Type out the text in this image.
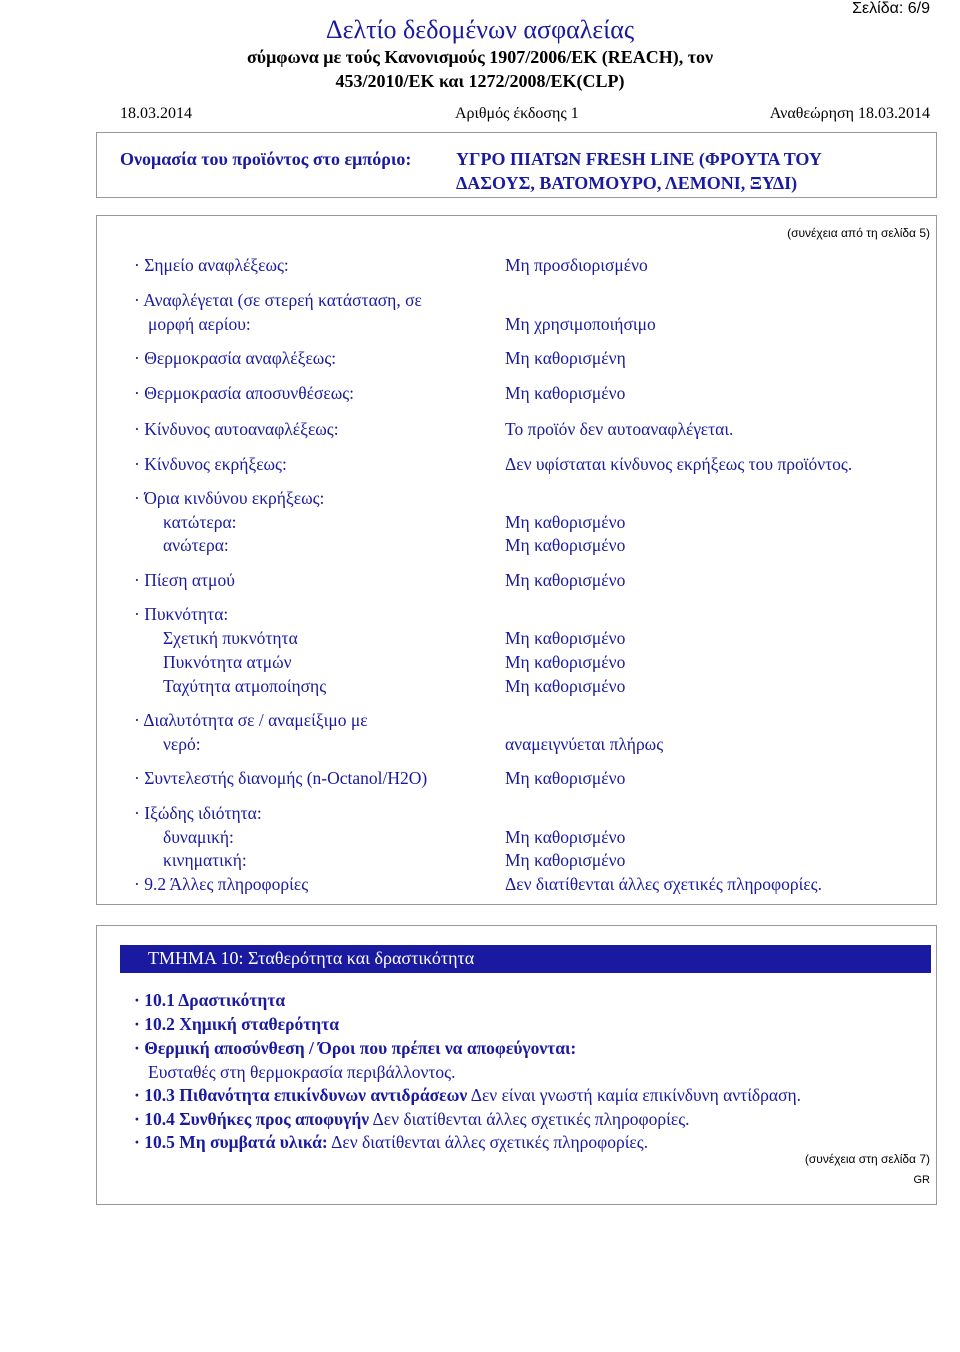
Σελίδα: 6/9
Δελτίο δεδομένων ασφαλείας
σύμφωνα με τούς Κανονισμούς 1907/2006/ΕΚ (REACH), τον
453/2010/ΕΚ και 1272/2008/ΕΚ(CLP)
18.03.2014	Αριθμός έκδοσης 1	Αναθεώρηση 18.03.2014
Ονομασία του προϊόντος στο εμπόριο: ΥΓΡΟ ΠΙΑΤΩΝ FRESH LINE (ΦΡΟΥΤΑ ΤΟΥ
ΔΑΣΟΥΣ, ΒΑΤΟΜΟΥΡΟ, ΛΕΜΟΝΙ, ΞΥΔΙ)
(συνέχεια από τη σελίδα 5)
· Σημείο αναφλέξεως:	Μη προσδιορισμένο
· Αναφλέγεται (σε στερεή κατάσταση, σε
μορφή αερίου:	Μη χρησιμοποιήσιμο
· Θερμοκρασία αναφλέξεως:	Μη καθορισμένη
· Θερμοκρασία αποσυνθέσεως:	Μη καθορισμένο
· Κίνδυνος αυτοαναφλέξεως:	Το προϊόν δεν αυτοαναφλέγεται.
· Κίνδυνος εκρήξεως:	Δεν υφίσταται κίνδυνος εκρήξεως του προϊόντος.
· Όρια κινδύνου εκρήξεως:
κατώτερα:	Μη καθορισμένο
ανώτερα:	Μη καθορισμένο
· Πίεση ατμού	Μη καθορισμένο
· Πυκνότητα:
Σχετική πυκνότητα	Μη καθορισμένο
Πυκνότητα ατμών	Μη καθορισμένο
Ταχύτητα ατμοποίησης	Μη καθορισμένο
· Διαλυτότητα σε / αναμείξιμο με
νερό:	αναμειγνύεται πλήρως
· Συντελεστής διανομής (n-Octanol/H2O)	Μη καθορισμένο
· Ιξώδης ιδιότητα:
δυναμική:	Μη καθορισμένο
κινηματική:	Μη καθορισμένο
· 9.2 Άλλες πληροφορίες	Δεν διατίθενται άλλες σχετικές πληροφορίες.
ΤΜΗΜΑ 10: Σταθερότητα και δραστικότητα
· 10.1 Δραστικότητα
· 10.2 Χημική σταθερότητα
· Θερμική αποσύνθεση / Όροι που πρέπει να αποφεύγονται:
Ευσταθές στη θερμοκρασία περιβάλλοντος.
· 10.3 Πιθανότητα επικίνδυνων αντιδράσεων Δεν είναι γνωστή καμία επικίνδυνη αντίδραση.
· 10.4 Συνθήκες προς αποφυγήν Δεν διατίθενται άλλες σχετικές πληροφορίες.
· 10.5 Μη συμβατά υλικά: Δεν διατίθενται άλλες σχετικές πληροφορίες.
(συνέχεια στη σελίδα 7)
GR
